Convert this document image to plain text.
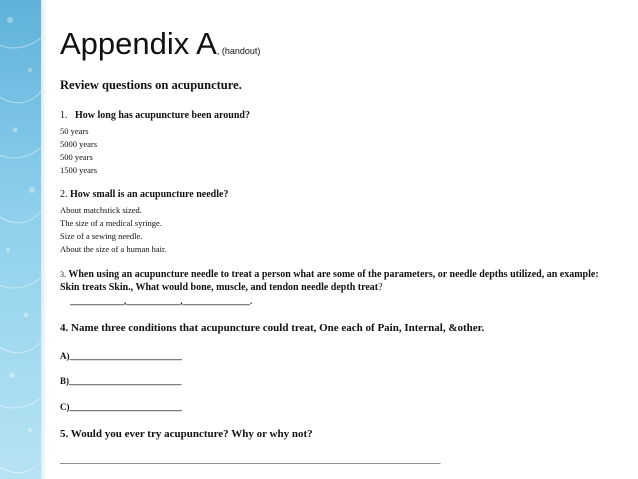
Appendix A, (handout)
Review questions on acupuncture.
1. How long has acupuncture been around?
50 years
5000 years
500 years
1500 years
2. How small is an acupuncture needle?
About matchstick sized.
The size of a medical syringe.
Size of a sewing needle.
About the size of a human hair.
3. When using an acupuncture needle to treat a person what are some of the parameters, or needle depths utilized, an example: Skin treats Skin., What would bone, muscle, and tendon needle depth treat?
____________,____________,_______________.
4. Name three conditions that acupuncture could treat, One each of Pain, Internal, &other.
A)_________________________
B)_________________________
C)_________________________
5. Would you ever try acupuncture? Why or why not?
_______________________________________________________________________________________________
